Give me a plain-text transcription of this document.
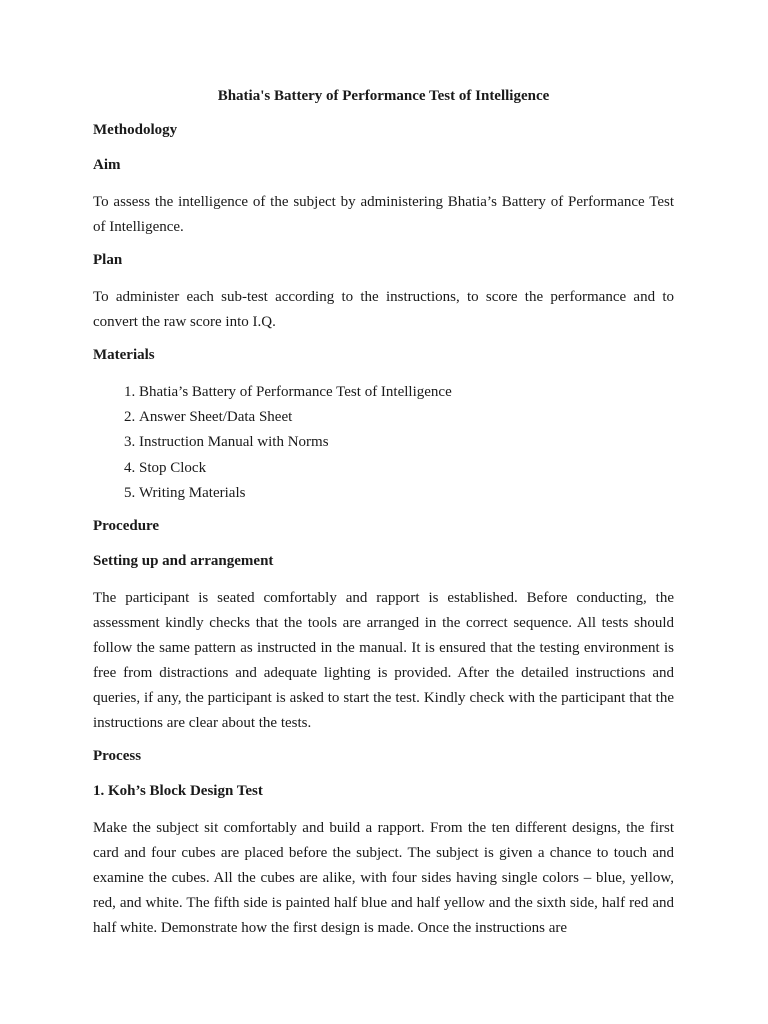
Bhatia's Battery of Performance Test of Intelligence
Methodology
Aim

To assess the intelligence of the subject by administering Bhatia’s Battery of Performance Test of Intelligence.

Plan

To administer each sub-test according to the instructions, to score the performance and to convert the raw score into I.Q.

Materials
1. Bhatia’s Battery of Performance Test of Intelligence
2. Answer Sheet/Data Sheet
3. Instruction Manual with Norms
4. Stop Clock
5. Writing Materials
Procedure
Setting up and arrangement

The participant is seated comfortably and rapport is established. Before conducting, the assessment kindly checks that the tools are arranged in the correct sequence. All tests should follow the same pattern as instructed in the manual. It is ensured that the testing environment is free from distractions and adequate lighting is provided. After the detailed instructions and queries, if any, the participant is asked to start the test. Kindly check with the participant that the instructions are clear about the tests.

Process
1. Koh’s Block Design Test

Make the subject sit comfortably and build a rapport. From the ten different designs, the first card and four cubes are placed before the subject. The subject is given a chance to touch and examine the cubes. All the cubes are alike, with four sides having single colors – blue, yellow, red, and white. The fifth side is painted half blue and half yellow and the sixth side, half red and half white. Demonstrate how the first design is made. Once the instructions are
